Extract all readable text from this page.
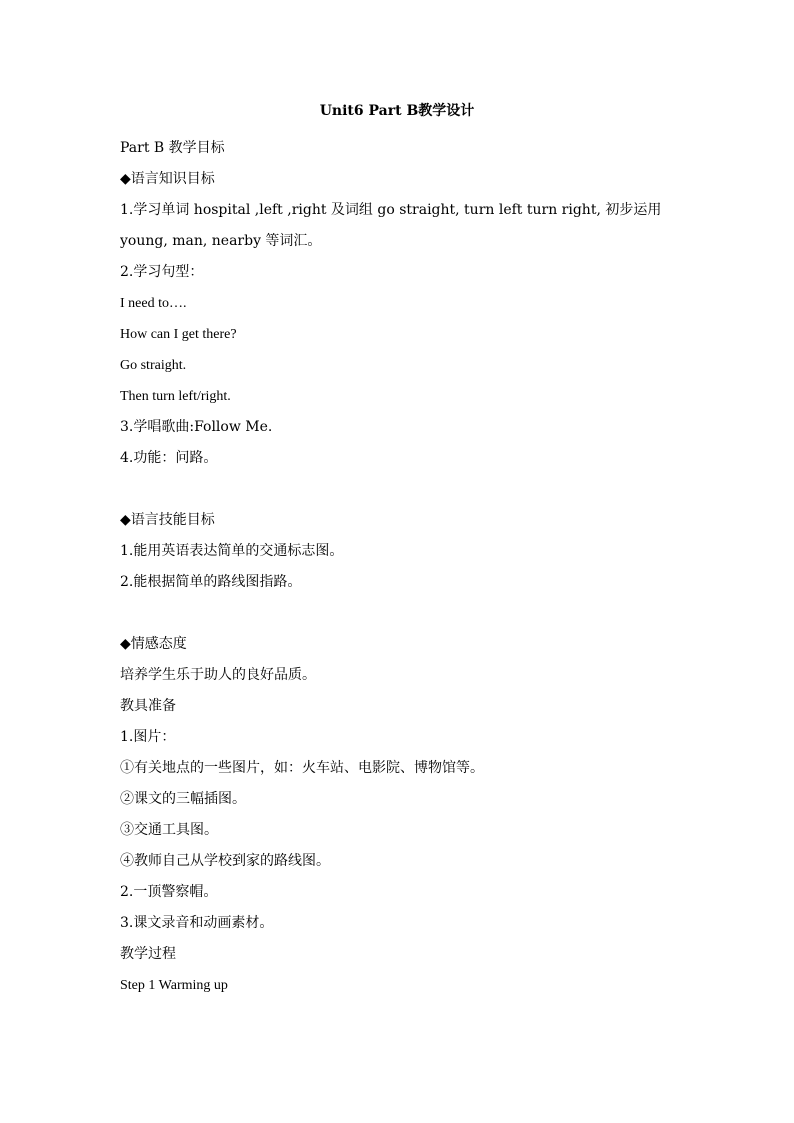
Unit6 Part B教学设计
Part B 教学目标
◆语言知识目标
1.学习单词 hospital ,left ,right 及词组 go straight, turn left turn right, 初步运用
young, man, nearby 等词汇。
2.学习句型：
I need to….
How can I get there?
Go straight.
Then turn left/right.
3.学唱歌曲:Follow Me.
4.功能：问路。
◆语言技能目标
1.能用英语表达简单的交通标志图。
2.能根据简单的路线图指路。
◆情感态度
培养学生乐于助人的良好品质。
教具准备
1.图片：
①有关地点的一些图片，如：火车站、电影院、博物馆等。
②课文的三幅插图。
③交通工具图。
④教师自己从学校到家的路线图。
2.一顶警察帽。
3.课文录音和动画素材。
教学过程
Step 1 Warming up
